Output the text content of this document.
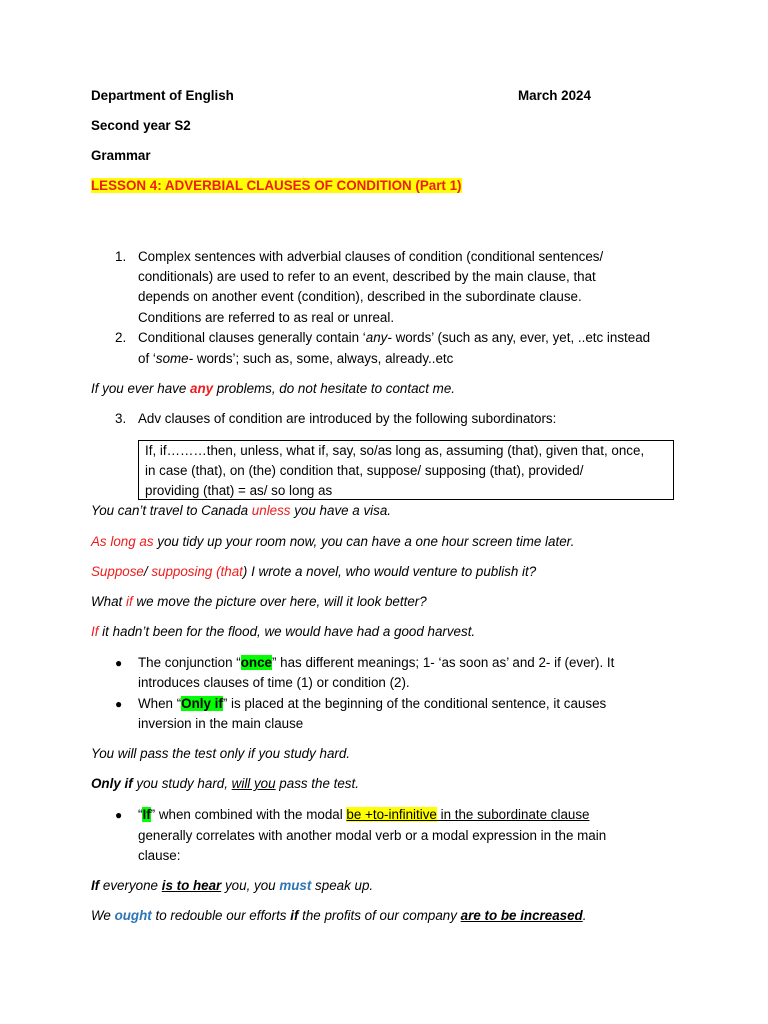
Department of English	March 2024
Second year S2
Grammar
LESSON 4: ADVERBIAL CLAUSES OF CONDITION (Part 1)
1. Complex sentences with adverbial clauses of condition (conditional sentences/
conditionals) are used to refer to an event, described by the main clause, that
depends on another event (condition), described in the subordinate clause.
Conditions are referred to as real or unreal.
2. Conditional clauses generally contain ‘any- words’ (such as any, ever, yet, ..etc instead
of ‘some- words’; such as, some, always, already..etc
If you ever have any problems, do not hesitate to contact me.
3. Adv clauses of condition are introduced by the following subordinators:
If, if………then, unless, what if, say, so/as long as, assuming (that), given that, once,
in case (that), on (the) condition that, suppose/ supposing (that), provided/
providing (that) = as/ so long as
You can’t travel to Canada unless you have a visa.
As long as you tidy up your room now, you can have a one hour screen time later.
Suppose/ supposing (that) I wrote a novel, who would venture to publish it?
What if we move the picture over here, will it look better?
If it hadn’t been for the flood, we would have had a good harvest.
● The conjunction “once” has different meanings; 1- ‘as soon as’ and 2- if (ever). It
introduces clauses of time (1) or condition (2).
● When “Only if” is placed at the beginning of the conditional sentence, it causes
inversion in the main clause
You will pass the test only if you study hard.
Only if you study hard, will you pass the test.
● “If” when combined with the modal be +to-infinitive in the subordinate clause
generally correlates with another modal verb or a modal expression in the main
clause:
If everyone is to hear you, you must speak up.
We ought to redouble our efforts if the profits of our company are to be increased.
